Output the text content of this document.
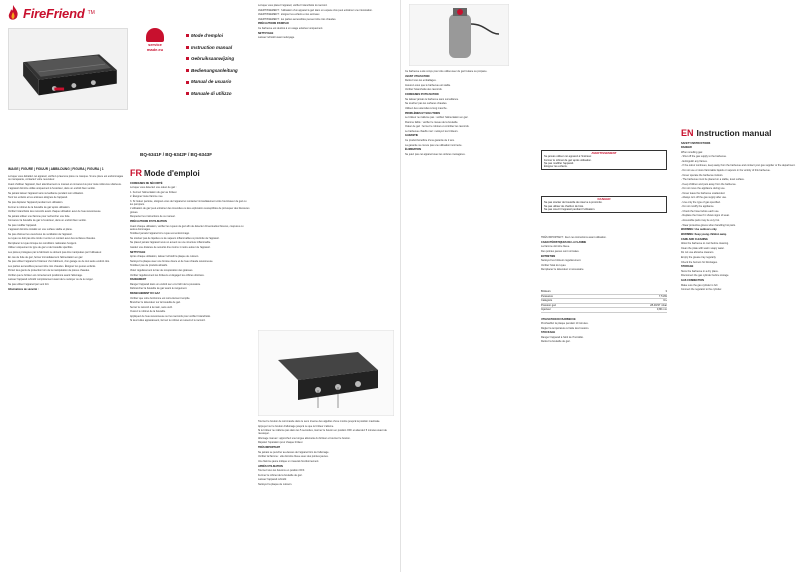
FireFriend TM
service
made.eu
Mode d'emploi
Instruction manual
Gebruiksaanwijzing
Bedienungsanleitung
Manual de usuario
Manuale di utilizzo
BQ-6341F / BQ-6342F / BQ-6343F
IMAGE | FIGURE | FIGUUR | ABBILDUNG | FIGURA | FIGURA | 1

Lorsque vous déballez cet appareil, vérifiez qu'aucune pièce ne manque. Si une pièce est endommagée ou manquante, contactez votre revendeur.

Avant d'utiliser l'appareil, lisez attentivement ce manuel et conservez-le pour toute référence ultérieure.

L'appareil doit être utilisé uniquement à l'extérieur, dans un endroit bien ventilé.

Ne jamais laisser l'appareil sans surveillance pendant son utilisation.

Tenir les enfants et les animaux éloignés de l'appareil.

Ne pas déplacer l'appareil pendant son utilisation.

Fermer le robinet de la bouteille de gaz après utilisation.

Vérifier l'étanchéité des raccords avant chaque utilisation avec de l'eau savonneuse.

Ne jamais utiliser une flamme pour rechercher une fuite.

Conserver la bouteille de gaz à l'extérieur, dans un endroit bien ventilé.

Ne pas modifier l'appareil.

L'appareil doit être installé sur une surface stable et plane.

Ne pas obstruer les ouvertures de ventilation de l'appareil.

Le tuyau ne doit pas être tordu ni entrer en contact avec des surfaces chaudes.

Remplacer le tuyau lorsque les conditions nationales l'exigent.

Utiliser uniquement le type de gaz et de bouteille spécifiés.

Les pièces protégées par le fabricant ne doivent pas être manipulées par l'utilisateur.

En cas de fuite de gaz, fermer immédiatement l'alimentation en gaz.

Ne pas utiliser l'appareil à l'intérieur d'un bâtiment, d'un garage ou de tout autre endroit clos.

Les parties accessibles peuvent être très chaudes. Éloignez les jeunes enfants.

Portez des gants de protection lors de la manipulation de pièces chaudes.

Vérifier que le brûleur est correctement positionné avant l'allumage.

Laissez l'appareil refroidir complètement avant de le nettoyer ou de le ranger.

Ne pas utiliser l'appareil par vent fort.

Informations de sécurité :

FR Mode d'emploi

CONSIGNES DE SÉCURITÉ

Lorsque vous détectez une odeur de gaz :

1. Fermez l'alimentation du gaz au brûleur.

2. Éteignez toute flamme nue.

3. Si l'odeur persiste, éloignez-vous de l'appareil et contactez immédiatement votre fournisseur de gaz ou les pompiers.

L'utilisation de gaz peut entraîner des incendies ou des explosions susceptibles de provoquer des blessures graves.

Respectez les instructions de ce manuel.

PRÉCAUTIONS D'UTILISATION

Avant chaque utilisation, vérifiez les tuyaux de gaz afin de détecter d'éventuelles fissures, coupures ou autres dommages.

N'utilisez jamais l'appareil si le tuyau est endommagé.

Ne stockez pas de liquides ou de vapeurs inflammables à proximité de l'appareil.

Ne placez jamais l'appareil sous un auvent ou une structure inflammable.

Gardez une distance de sécurité d'au moins 1 mètre autour de l'appareil.

NETTOYAGE

Après chaque utilisation, laissez refroidir la plaque de cuisson.

Nettoyez la plaque avec une brosse douce et de l'eau chaude savonneuse.

N'utilisez pas de produits abrasifs.

Videz régulièrement le bac de récupération des graisses.

Vérifiez régulièrement les brûleurs et dégagez les orifices obstrués.

RANGEMENT

Rangez l'appareil dans un endroit sec et à l'abri de la poussière.

Débranchez la bouteille de gaz avant le rangement.

BRANCHEMENT DU GAZ

Vérifiez que votre bonbonne est correctement remplie.

Branchez le détendeur sur la bouteille de gaz.

Serrez le raccord à la main, sans outil.

Ouvrez le robinet de la bouteille.

Appliquez de l'eau savonneuse sur les raccords pour vérifier l'étanchéité.

Si des bulles apparaissent, fermez le robinet et resserrez le raccord.

Lorsque vous placez l'appareil, vérifiez l'étanchéité du raccord.

AVERTISSEMENT : l'utilisation d'un appareil à gaz dans un espace clos peut entraîner une intoxication.

AVERTISSEMENT : éloigner les enfants et les animaux.

AVERTISSEMENT : les parties accessibles peuvent être très chaudes.

PRÉCAUTIONS D'EMPLOI

Ce barbecue est destiné à un usage extérieur uniquement.

NETTOYAGE

Laissez refroidir avant nettoyage.

Tournez le bouton de commande dans le sens inverse des aiguilles d'une montre jusqu'à la position maximale.

Appuyez sur le bouton d'allumage jusqu'à ce que le brûleur s'allume.

Si le brûleur ne s'allume pas dans les 5 secondes, tournez le bouton en position OFF et attendez 5 minutes avant de réessayer.

Allumage manuel : approchez une longue allumette du brûleur et tournez le bouton.

Répétez l'opération pour chaque brûleur.

TRÈS IMPORTANT

Ne jamais se pencher au-dessus de l'appareil lors de l'allumage.

Vérifiez la flamme : elle doit être bleue avec des pointes jaunes.

Une flamme jaune indique un mauvais fonctionnement.

APRÈS UTILISATION

Tournez tous les boutons en position OFF.

Fermez le robinet de la bouteille de gaz.

Laissez l'appareil refroidir.

Nettoyez la plaque de cuisson.

Ce barbecue a été conçu pour être utilisé avec du gaz butane ou propane.

AVANT UTILISATION

Retirez tous les emballages.

Assurez-vous que le barbecue est stable.

Vérifiez l'étanchéité des raccords.

CONSIGNES D'UTILISATION

Ne laissez jamais le barbecue sans surveillance.

Ne touchez pas les surfaces chaudes.

Utilisez des ustensiles à long manche.

PROBLÈMES ET SOLUTIONS

Le brûleur ne s'allume pas : vérifiez l'alimentation en gaz.

Flamme faible : vérifiez le niveau de la bouteille.

Odeur de gaz : fermez le robinet et contrôlez les raccords.

Le barbecue chauffe mal : nettoyez les brûleurs.

GARANTIE

Ce produit bénéficie d'une garantie de 2 ans.

La garantie ne couvre pas une utilisation incorrecte.

ÉLIMINATION

Ne jetez pas cet appareil avec les ordures ménagères.	AVERTISSEMENT
Ne jamais utiliser cet appareil à l'intérieur.
Fermer le robinet de gaz après utilisation.
Ne pas modifier l'appareil.
Éloigner les enfants.
DANGER
Ne pas stocker de bouteille de réserve à proximité.
Ne pas utiliser de charbon de bois.
Ne pas couvrir l'appareil pendant l'utilisation.

TRÈS IMPORTANT : lisez ces instructions avant utilisation.

CARACTÉRISTIQUES DE LA FLAMME

La flamme doit être bleue.

Des pointes jaunes sont normales.

ENTRETIEN

Nettoyez les brûleurs régulièrement.

Vérifiez l'état du tuyau.

Remplacez le détendeur si nécessaire.

Brûleurs	3
Puissance	7,5 kW
Catégorie	I3+
Pression gaz	28-30/37 mbar
Injecteur	0,80 mm

UTILISATION DU BARBECUE

Préchauffez la plaque pendant 10 minutes.

Réglez la température à l'aide des boutons.

STOCKAGE

Rangez l'appareil à l'abri de l'humidité.

Retirez la bouteille de gaz.

EN Instruction manual

SAFETY INSTRUCTIONS

DANGER

When smelling gas:

- Shut off the gas supply to the barbecue.

- Extinguish any flames.

- If the odour continues, keep away from the barbecue and contact your gas supplier or fire department.

- Do not use or store flammable liquids or vapours in the vicinity of this barbecue.

- Never operate the barbecue indoors.

- The barbecue must be placed on a stable, level surface.

- Keep children and pets away from the barbecue.

- Do not move the appliance during use.

- Never leave the barbecue unattended.

- Always turn off the gas supply after use.

- Use only the type of gas specified.

- Do not modify the appliance.

- Check the hose before each use.

- Replace the hose if it shows signs of wear.

- Accessible parts may be very hot.

- Wear protective gloves when handling hot parts.

WARNING: Use outdoors only.

WARNING: Keep young children away.

CARE AND CLEANING

Allow the barbecue to cool before cleaning.

Clean the plate with warm soapy water.

Do not use abrasive cleaners.

Empty the grease tray regularly.

Check the burners for blockages.

STORAGE

Store the barbecue in a dry place.

Disconnect the gas cylinder before storage.

GAS CONNECTION

Make sure the gas cylinder is full.

Connect the regulator to the cylinder.
